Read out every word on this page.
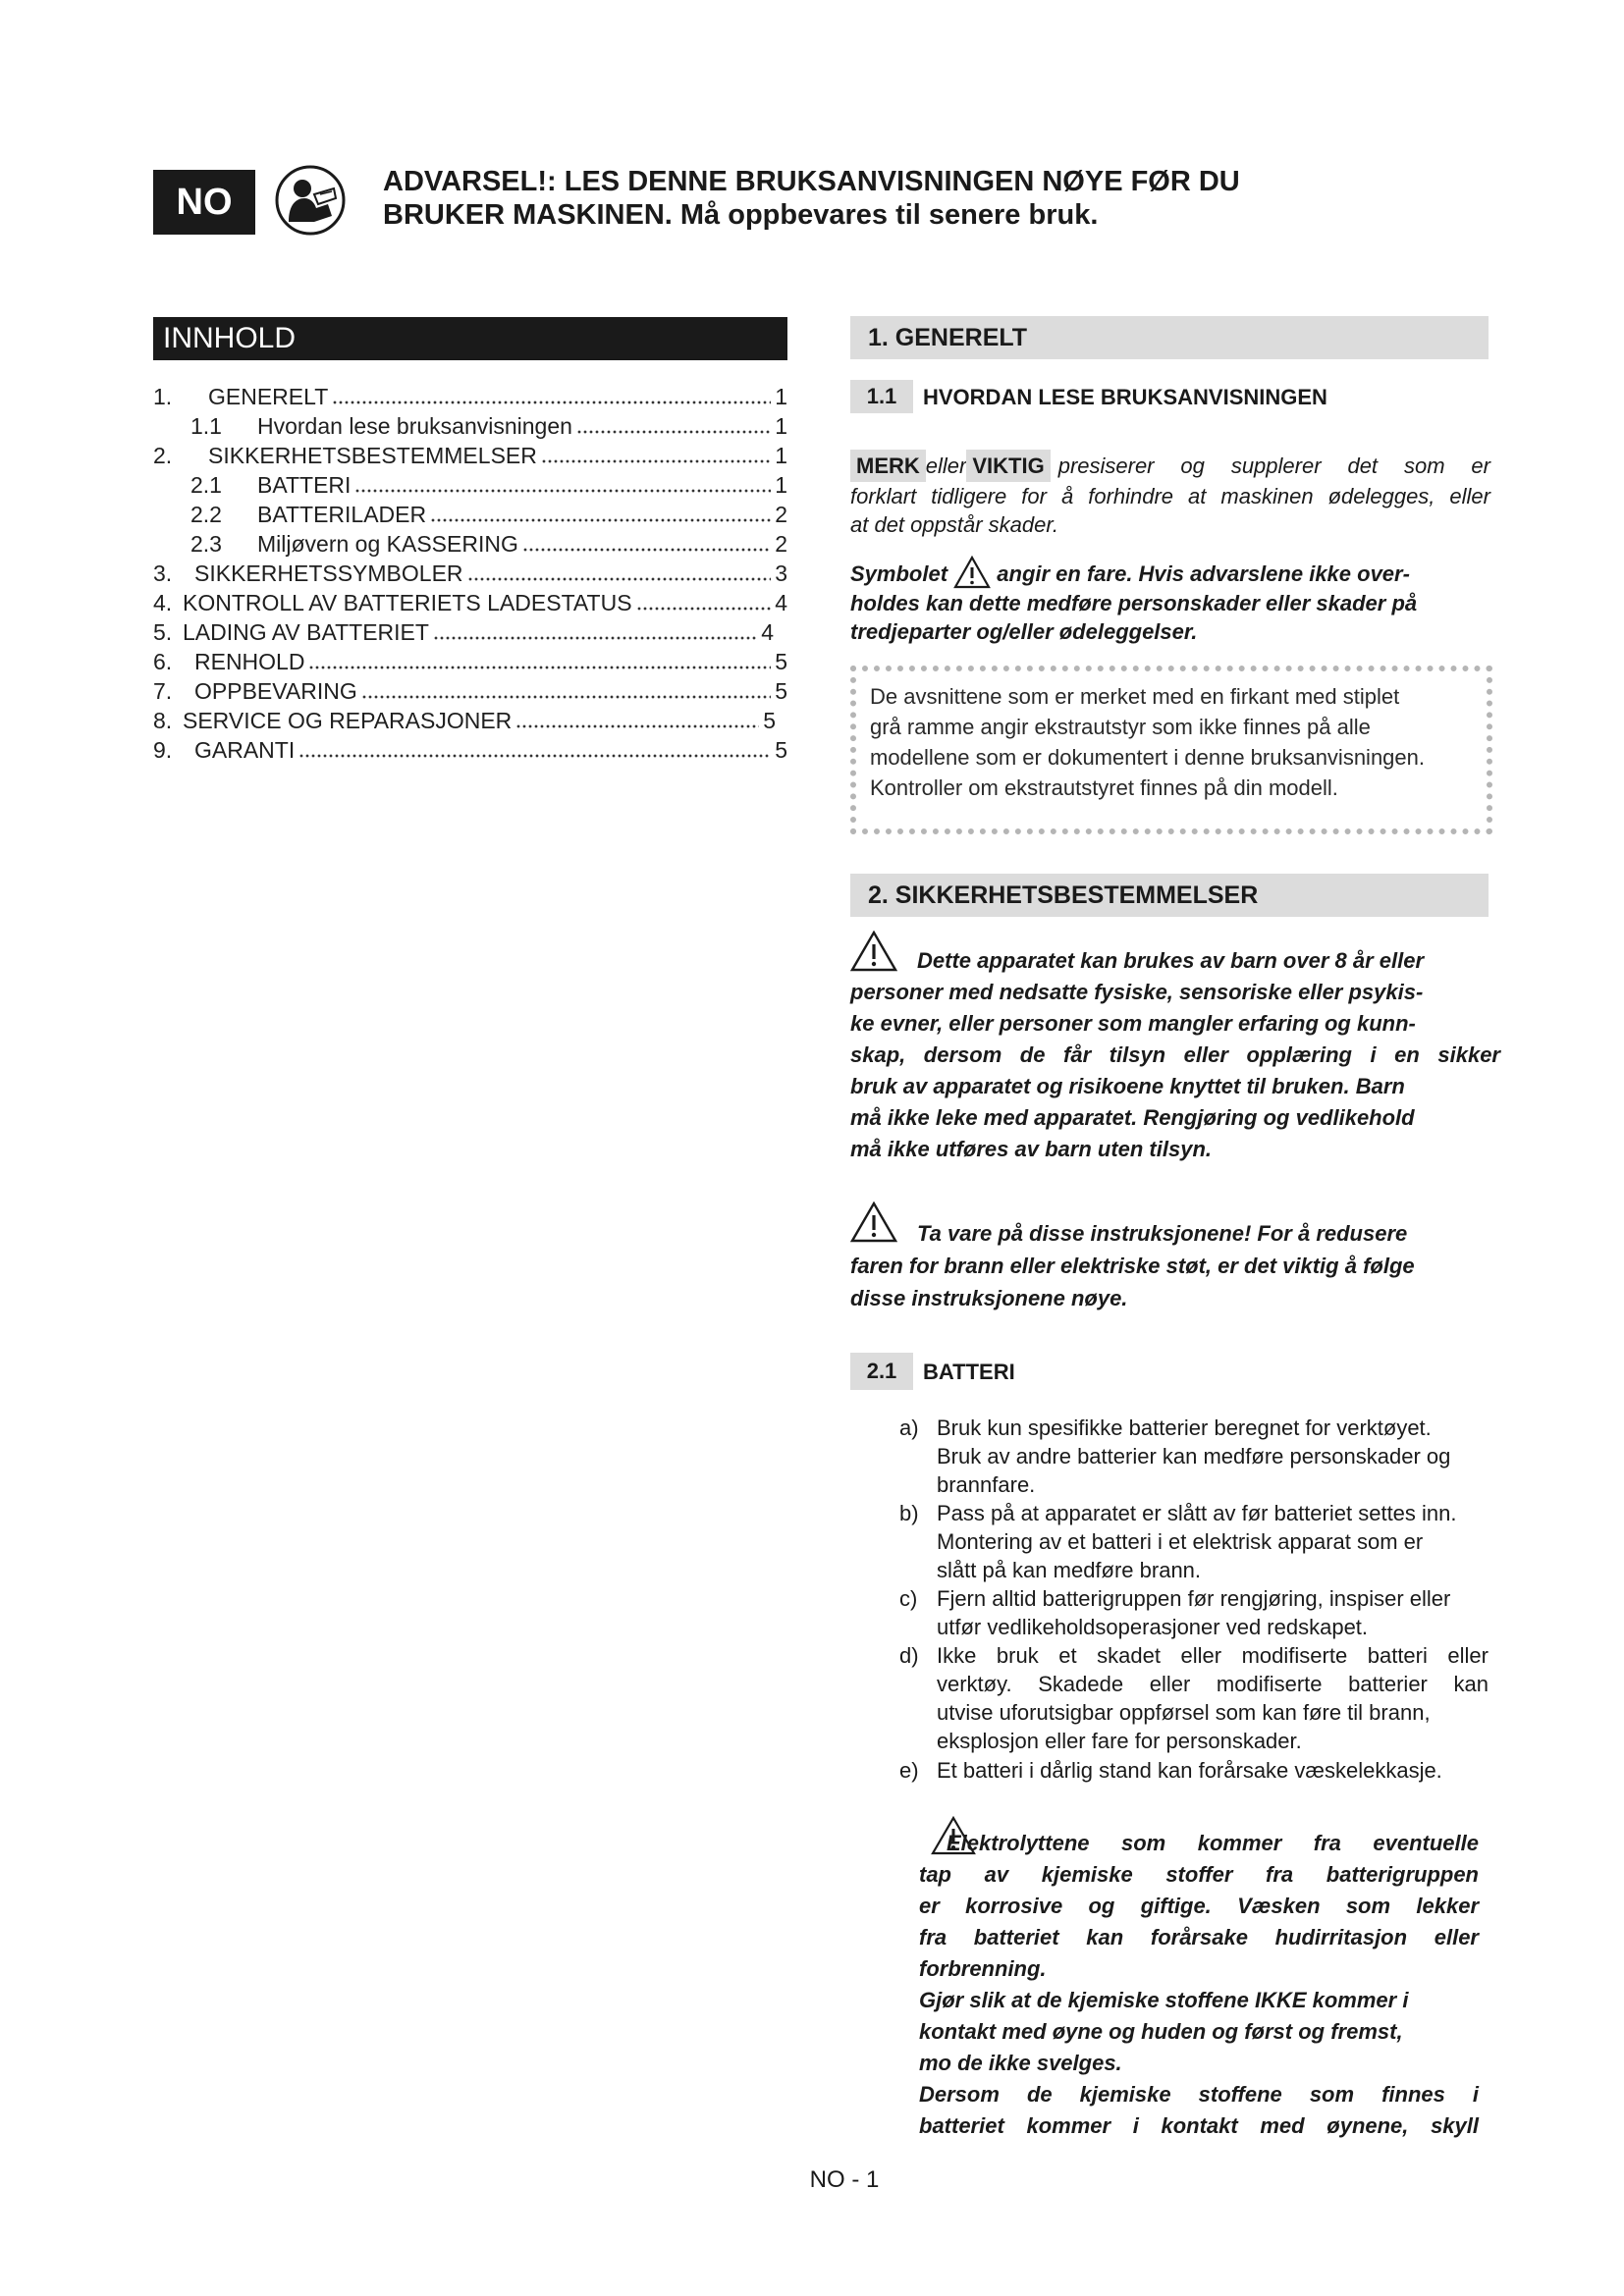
NO	ADVARSEL!: LES DENNE BRUKSANVISNINGEN NØYE FØR DU
BRUKER MASKINEN. Må oppbevares til senere bruk.
INNHOLD
1.	GENERELT	1
1.1	Hvordan lese bruksanvisningen	1
2.	SIKKERHETSBESTEMMELSER	1
2.1	BATTERI	1
2.2	BATTERILADER	2
2.3	Miljøvern og KASSERING	2
3. SIKKERHETSSYMBOLER	3
4. KONTROLL AV BATTERIETS LADESTATUS	4
5. LADING AV BATTERIET	4
6. RENHOLD	5
7. OPPBEVARING	5
8. SERVICE OG REPARASJONER	5
9. GARANTI	5
1. GENERELT
1.1	HVORDAN LESE BRUKSANVISNINGEN
MERK eller VIKTIG presiserer og supplerer det som er
forklart tidligere for å forhindre at maskinen ødelegges, eller
at det oppstår skader.
Symbolet angir en fare. Hvis advarslene ikke over-
holdes kan dette medføre personskader eller skader på
tredjeparter og/eller ødeleggelser.
De avsnittene som er merket med en firkant med stiplet
grå ramme angir ekstrautstyr som ikke finnes på alle
modellene som er dokumentert i denne bruksanvisningen.
Kontroller om ekstrautstyret finnes på din modell.
2. SIKKERHETSBESTEMMELSER
Dette apparatet kan brukes av barn over 8 år eller
personer med nedsatte fysiske, sensoriske eller psykis-
ke evner, eller personer som mangler erfaring og kunn-
skap, dersom de får tilsyn eller opplæring i en sikker
bruk av apparatet og risikoene knyttet til bruken. Barn
må ikke leke med apparatet. Rengjøring og vedlikehold
må ikke utføres av barn uten tilsyn.
Ta vare på disse instruksjonene! For å redusere
faren for brann eller elektriske støt, er det viktig å følge
disse instruksjonene nøye.
2.1	BATTERI
a) Bruk kun spesifikke batterier beregnet for verktøyet.
Bruk av andre batterier kan medføre personskader og
brannfare.
b) Pass på at apparatet er slått av før batteriet settes inn.
Montering av et batteri i et elektrisk apparat som er
slått på kan medføre brann.
c) Fjern alltid batterigruppen før rengjøring, inspiser eller
utfør vedlikeholdsoperasjoner ved redskapet.
d) Ikke bruk et skadet eller modifiserte batteri eller
verktøy. Skadede eller modifiserte batterier kan
utvise uforutsigbar oppførsel som kan føre til brann,
eksplosjon eller fare for personskader.
e) Et batteri i dårlig stand kan forårsake væskelekkasje.
Elektrolyttene som kommer fra eventuelle
tap av kjemiske stoffer fra batterigruppen
er korrosive og giftige. Væsken som lekker
fra batteriet kan forårsake hudirritasjon eller
forbrenning.
Gjør slik at de kjemiske stoffene IKKE kommer i
kontakt med øyne og huden og først og fremst,
mo de ikke svelges.
Dersom de kjemiske stoffene som finnes i
batteriet kommer i kontakt med øynene, skyll
NO - 1
